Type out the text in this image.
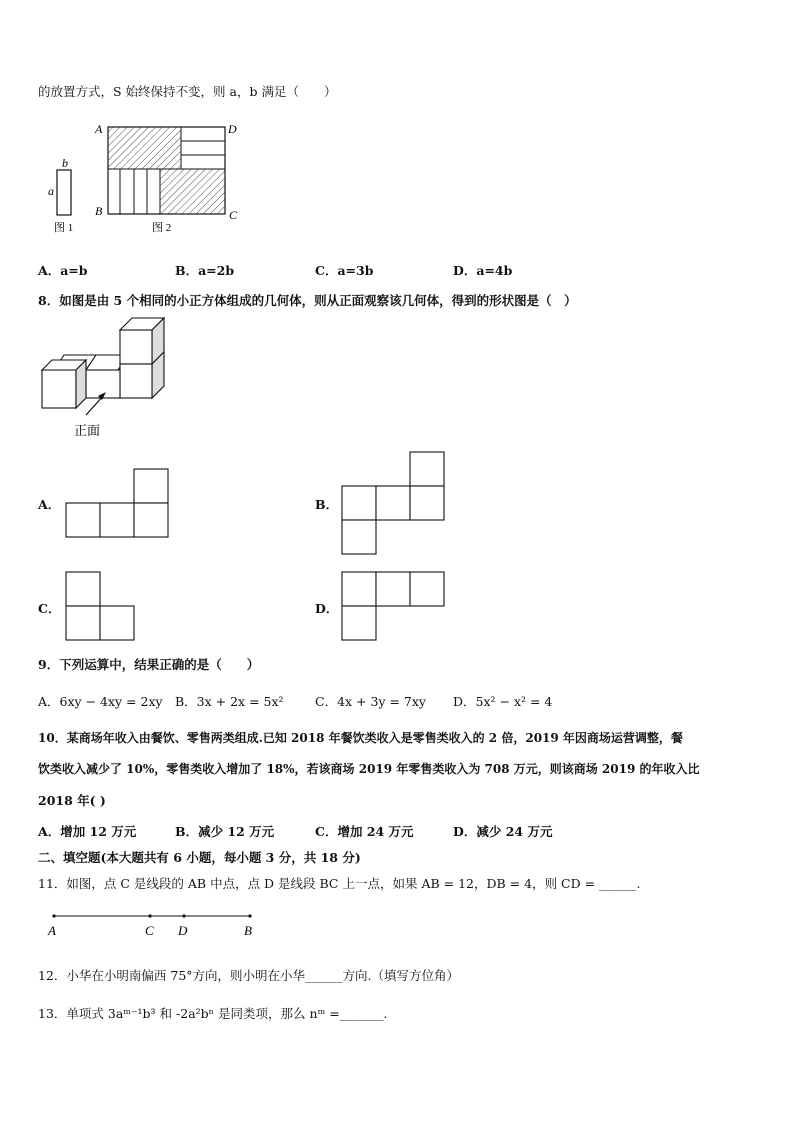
的放置方式，S 始终保持不变，则 a，b 满足（　　）
b
a
图 1
A	D
B	C
图 2
A．a=b	B．a=2b	C．a=3b	D．a=4b
8．如图是由 5 个相同的小正方体组成的几何体，则从正面观察该几何体，得到的形状图是（　）
正面
A．	B．
C．	D．
9．下列运算中，结果正确的是（　　）
A．6xy − 4xy = 2xy B．3x + 2x = 5x²	C．4x + 3y = 7xy D．5x² − x² = 4
10．某商场年收入由餐饮、零售两类组成.已知 2018 年餐饮类收入是零售类收入的 2 倍，2019 年因商场运营调整，餐
饮类收入减少了 10%，零售类收入增加了 18%，若该商场 2019 年零售类收入为 708 万元，则该商场 2019 的年收入比
2018 年( )
A．增加 12 万元	B．减少 12 万元	C．增加 24 万元	D．减少 24 万元
二、填空题(本大题共有 6 小题，每小题 3 分，共 18 分)
11．如图，点 C 是线段的 AB 中点，点 D 是线段 BC 上一点，如果 AB = 12，DB = 4，则 CD = ______.
A	C D	B
12．小华在小明南偏西 75°方向，则小明在小华______方向.（填写方位角）
13．单项式 3aᵐ⁻¹b³ 和 -2a²bⁿ 是同类项，那么 nᵐ =_______.
